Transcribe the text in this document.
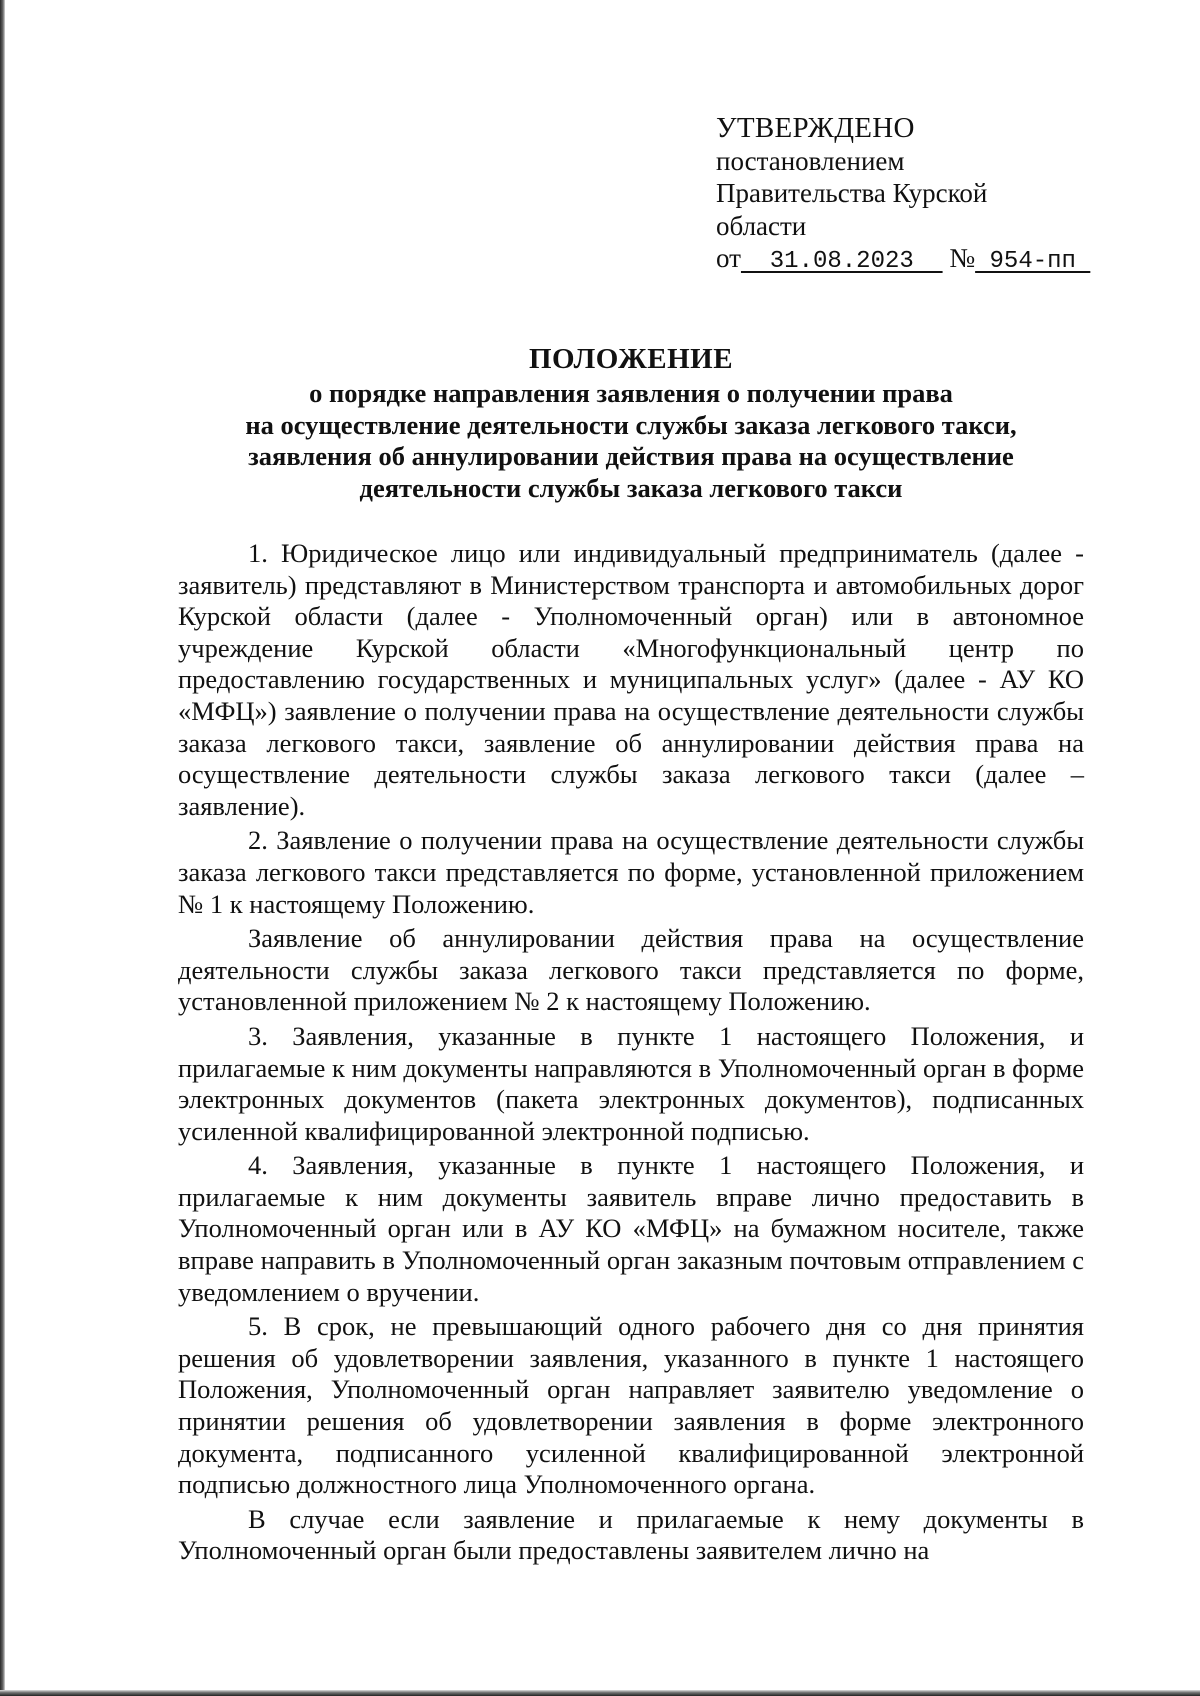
УТВЕРЖДЕНО
постановлением
Правительства Курской
области
от  31.08.2023   № 954-пп
ПОЛОЖЕНИЕ
о порядке направления заявления о получении права
на осуществление деятельности службы заказа легкового такси,
заявления об аннулировании действия права на осуществление
деятельности службы заказа легкового такси

1. Юридическое лицо или индивидуальный предприниматель (далее - заявитель) представляют в Министерством транспорта и автомобильных дорог Курской области (далее - Уполномоченный орган) или в автономное учреждение Курской области «Многофункциональный центр по предоставлению государственных и муниципальных услуг» (далее - АУ КО «МФЦ») заявление о получении права на осуществление деятельности службы заказа легкового такси, заявление об аннулировании действия права на осуществление деятельности службы заказа легкового такси (далее – заявление).

2. Заявление о получении права на осуществление деятельности службы заказа легкового такси представляется по форме, установленной приложением № 1 к настоящему Положению.

Заявление об аннулировании действия права на осуществление деятельности службы заказа легкового такси представляется по форме, установленной приложением № 2 к настоящему Положению.

3. Заявления, указанные в пункте 1 настоящего Положения, и прилагаемые к ним документы направляются в Уполномоченный орган в форме электронных документов (пакета электронных документов), подписанных усиленной квалифицированной электронной подписью.

4. Заявления, указанные в пункте 1 настоящего Положения, и прилагаемые к ним документы заявитель вправе лично предоставить в Уполномоченный орган или в АУ КО «МФЦ» на бумажном носителе, также вправе направить в Уполномоченный орган заказным почтовым отправлением с уведомлением о вручении.

5. В срок, не превышающий одного рабочего дня со дня принятия решения об удовлетворении заявления, указанного в пункте 1 настоящего Положения, Уполномоченный орган направляет заявителю уведомление о принятии решения об удовлетворении заявления в форме электронного документа, подписанного усиленной квалифицированной электронной подписью должностного лица Уполномоченного органа.

В случае если заявление и прилагаемые к нему документы в Уполномоченный орган были предоставлены заявителем лично на
